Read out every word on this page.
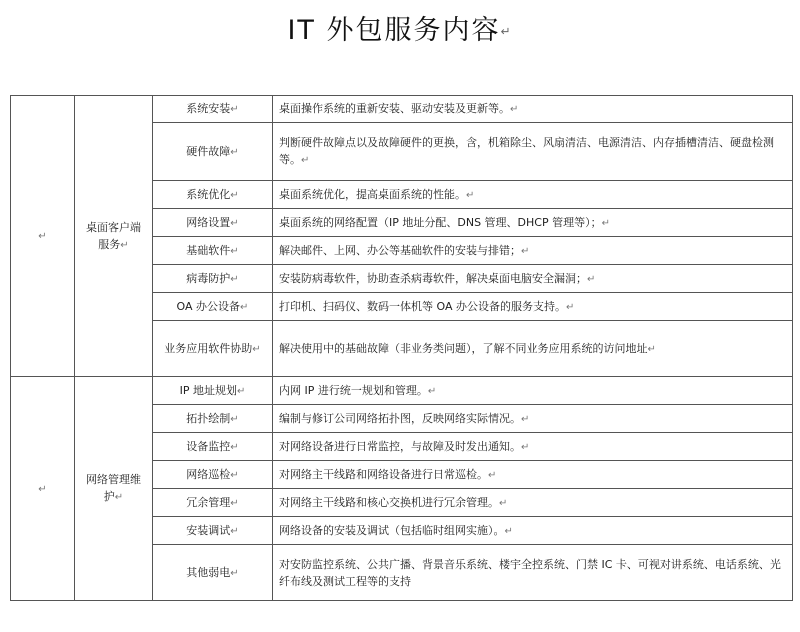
IT 外包服务内容↵
↵	桌面客户端服务↵	系统安装↵	桌面操作系统的重新安装、驱动安装及更新等。↵
		硬件故障↵	判断硬件故障点以及故障硬件的更换，含，机箱除尘、风扇清洁、电源清洁、内存插槽清洁、硬盘检测等。↵
		系统优化↵	桌面系统优化，提高桌面系统的性能。↵
		网络设置↵	桌面系统的网络配置（IP 地址分配、DNS 管理、DHCP 管理等）；↵
		基础软件↵	解决邮件、上网、办公等基础软件的安装与排错；↵
		病毒防护↵	安装防病毒软件，协助查杀病毒软件，解决桌面电脑安全漏洞；↵
		OA 办公设备↵	打印机、扫码仪、数码一体机等 OA 办公设备的服务支持。↵
		业务应用软件协助↵	解决使用中的基础故障（非业务类问题），了解不同业务应用系统的访问地址↵
↵	网络管理维护↵	IP 地址规划↵	内网 IP 进行统一规划和管理。↵
		拓扑绘制↵	编制与修订公司网络拓扑图，反映网络实际情况。↵
		设备监控↵	对网络设备进行日常监控，与故障及时发出通知。↵
		网络巡检↵	对网络主干线路和网络设备进行日常巡检。↵
		冗余管理↵	对网络主干线路和核心交换机进行冗余管理。↵
		安装调试↵	网络设备的安装及调试（包括临时组网实施）。↵
		其他弱电↵	对安防监控系统、公共广播、背景音乐系统、楼宇全控系统、门禁 IC 卡、可视对讲系统、电话系统、光纤布线及测试工程等的支持
